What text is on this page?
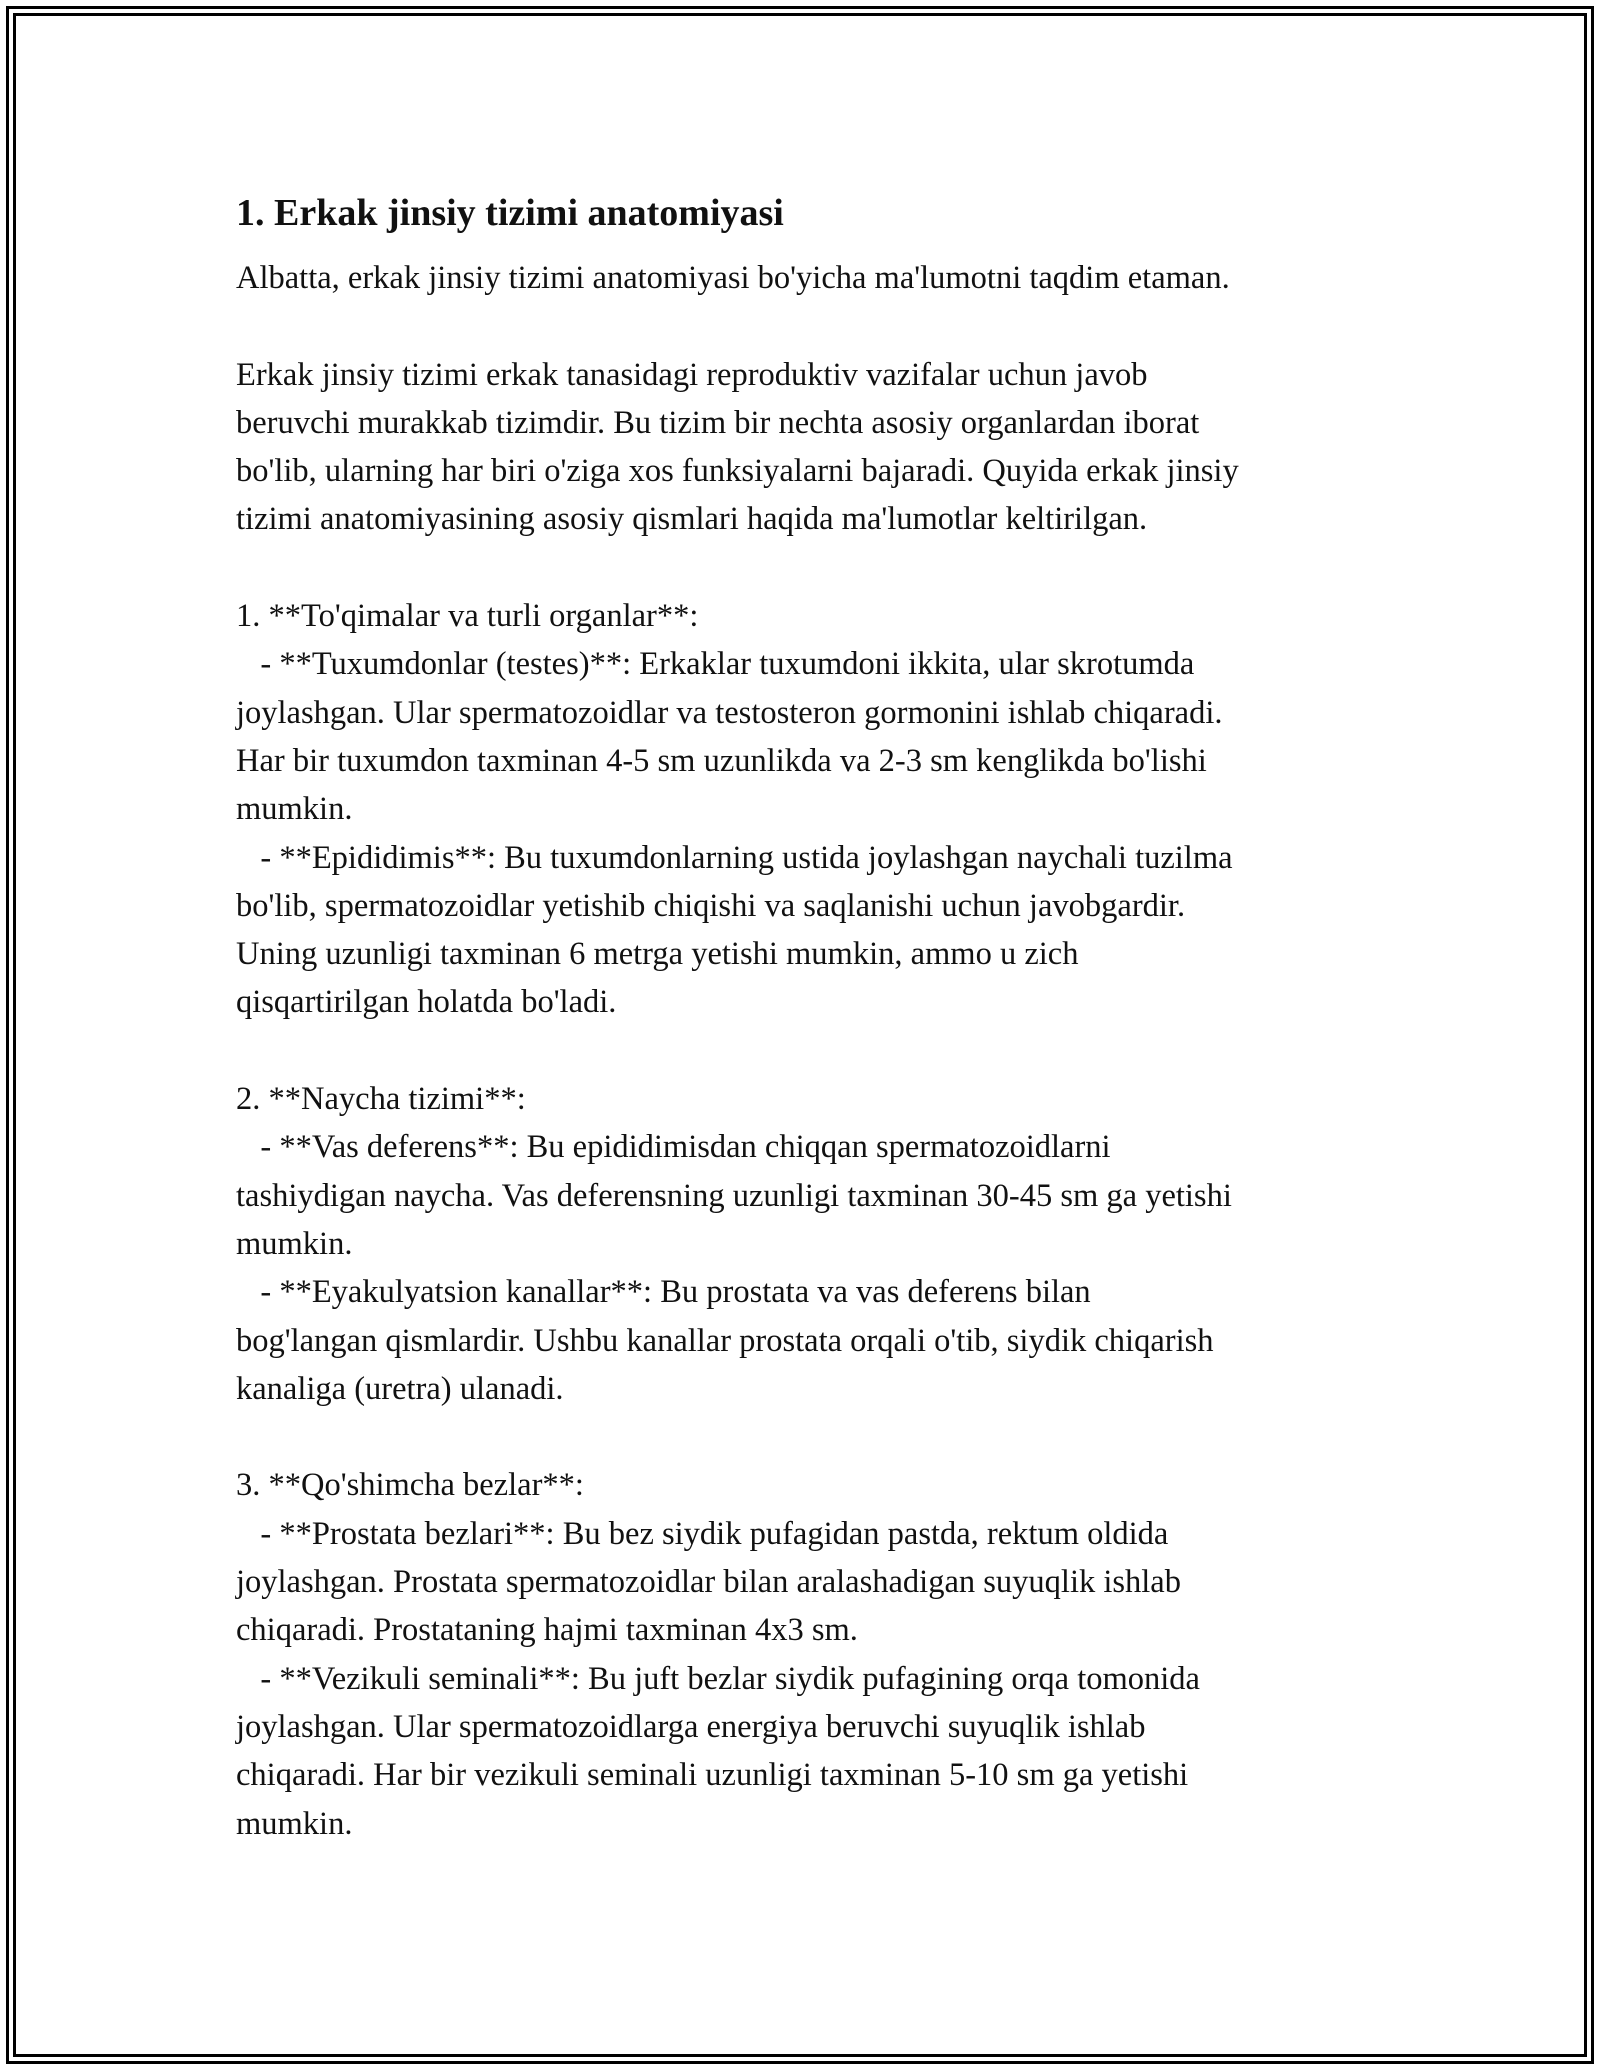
1. Erkak jinsiy tizimi anatomiyasi
Albatta, erkak jinsiy tizimi anatomiyasi bo'yicha ma'lumotni taqdim etaman.
Erkak jinsiy tizimi erkak tanasidagi reproduktiv vazifalar uchun javob
beruvchi murakkab tizimdir. Bu tizim bir nechta asosiy organlardan iborat
bo'lib, ularning har biri o'ziga xos funksiyalarni bajaradi. Quyida erkak jinsiy
tizimi anatomiyasining asosiy qismlari haqida ma'lumotlar keltirilgan.
1. **To'qimalar va turli organlar**:
- **Tuxumdonlar (testes)**: Erkaklar tuxumdoni ikkita, ular skrotumda
joylashgan. Ular spermatozoidlar va testosteron gormonini ishlab chiqaradi.
Har bir tuxumdon taxminan 4-5 sm uzunlikda va 2-3 sm kenglikda bo'lishi
mumkin.
- **Epididimis**: Bu tuxumdonlarning ustida joylashgan naychali tuzilma
bo'lib, spermatozoidlar yetishib chiqishi va saqlanishi uchun javobgardir.
Uning uzunligi taxminan 6 metrga yetishi mumkin, ammo u zich
qisqartirilgan holatda bo'ladi.
2. **Naycha tizimi**:
- **Vas deferens**: Bu epididimisdan chiqqan spermatozoidlarni
tashiydigan naycha. Vas deferensning uzunligi taxminan 30-45 sm ga yetishi
mumkin.
- **Eyakulyatsion kanallar**: Bu prostata va vas deferens bilan
bog'langan qismlardir. Ushbu kanallar prostata orqali o'tib, siydik chiqarish
kanaliga (uretra) ulanadi.
3. **Qo'shimcha bezlar**:
- **Prostata bezlari**: Bu bez siydik pufagidan pastda, rektum oldida
joylashgan. Prostata spermatozoidlar bilan aralashadigan suyuqlik ishlab
chiqaradi. Prostataning hajmi taxminan 4x3 sm.
- **Vezikuli seminali**: Bu juft bezlar siydik pufagining orqa tomonida
joylashgan. Ular spermatozoidlarga energiya beruvchi suyuqlik ishlab
chiqaradi. Har bir vezikuli seminali uzunligi taxminan 5-10 sm ga yetishi
mumkin.
